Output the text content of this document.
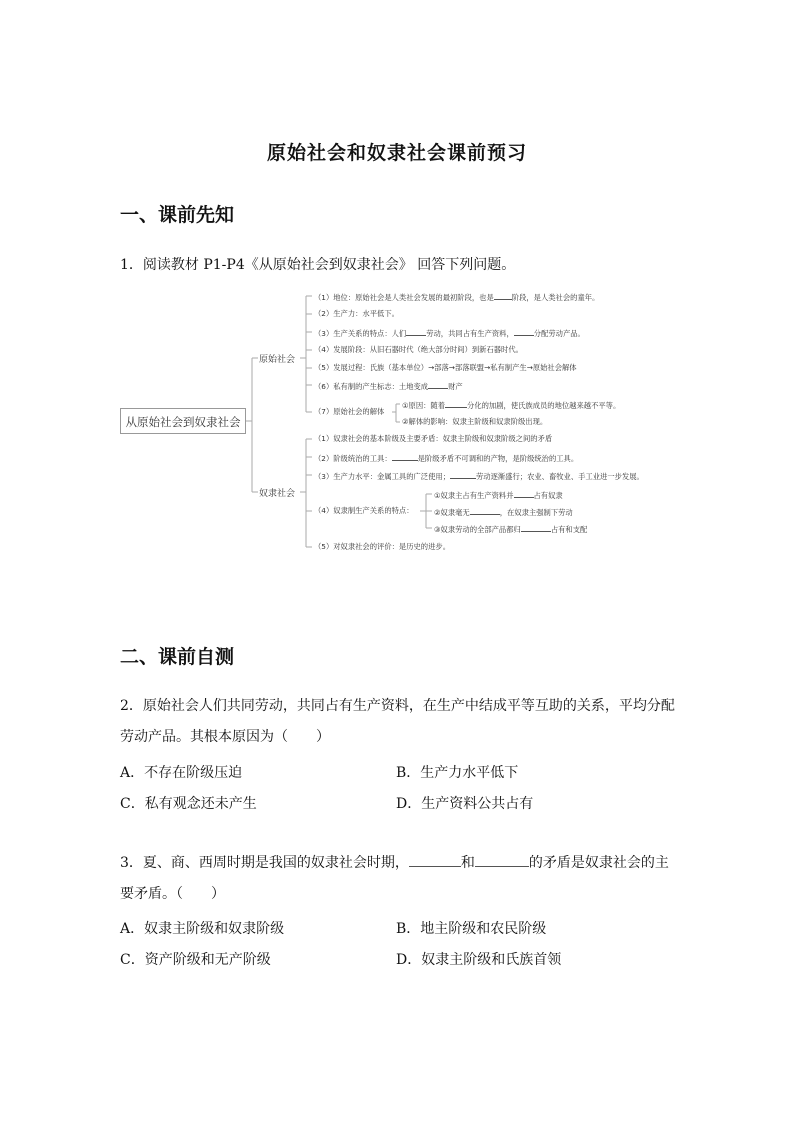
原始社会和奴隶社会课前预习
一、课前先知
1．阅读教材 P1-P4《从原始社会到奴隶社会》 回答下列问题。
从原始社会到奴隶社会
原始社会
奴隶社会
（1）地位：原始社会是人类社会发展的最初阶段，也是 阶段，是人类社会的童年。
（2）生产力：水平低下。
（3）生产关系的特点：人们	劳动，共同占有生产资料，	分配劳动产品。
（4）发展阶段：从旧石器时代（绝大部分时间）到新石器时代。
（5）发展过程：氏族（基本单位）→部落→部落联盟→私有制产生→原始社会解体
（6）私有制的产生标志：土地变成	财产
（7）原始社会的解体
①原因：随着	分化的加剧，使氏族成员的地位越来越不平等。
②解体的影响：奴隶主阶级和奴隶阶级出现。
（1）奴隶社会的基本阶级及主要矛盾：奴隶主阶级和奴隶阶级之间的矛盾
（2）阶级统治的工具：	是阶级矛盾不可调和的产物，是阶级统治的工具。
（3）生产力水平：金属工具的广泛使用；	劳动逐渐盛行；农业、畜牧业、手工业进一步发展。
（4）奴隶制生产关系的特点：
（5）对奴隶社会的评价：是历史的进步。
①奴隶主占有生产资料并	占有奴隶
②奴隶毫无	，在奴隶主强制下劳动
③奴隶劳动的全部产品都归	占有和支配
二、课前自测
2．原始社会人们共同劳动，共同占有生产资料，在生产中结成平等互助的关系，平均分配
劳动产品。其根本原因为（　　）
A．不存在阶级压迫	B．生产力水平低下
C．私有观念还未产生	D．生产资料公共占有
3．夏、商、西周时期是我国的奴隶社会时期，	和	的矛盾是奴隶社会的主
要矛盾。（　　）
A．奴隶主阶级和奴隶阶级	B．地主阶级和农民阶级
C．资产阶级和无产阶级	D．奴隶主阶级和氏族首领
